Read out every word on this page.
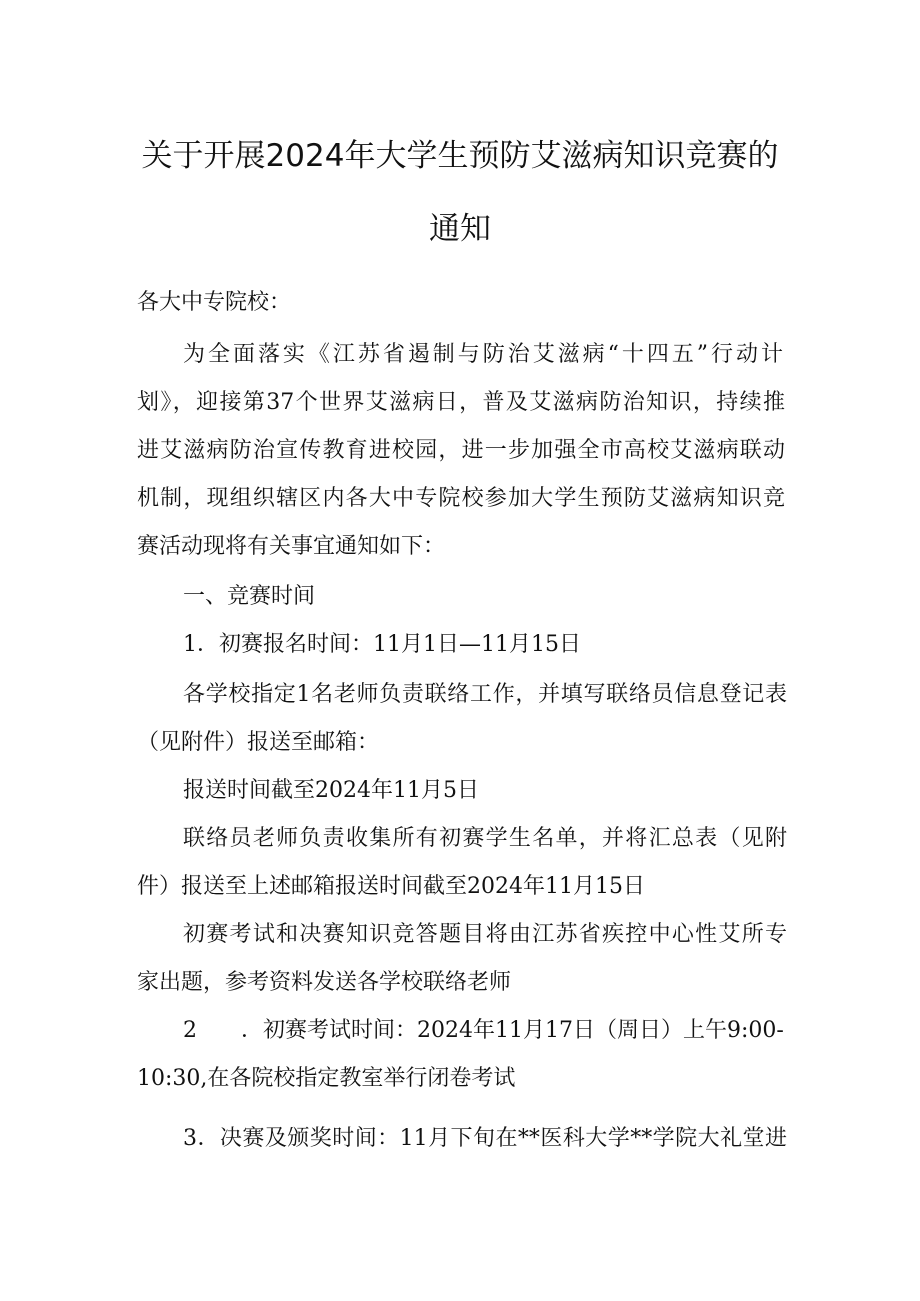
关于开展2024年大学生预防艾滋病知识竞赛的
通知
各大中专院校：
为全面落实《江苏省遏制与防治艾滋病“十四五”行动计
划》，迎接第37个世界艾滋病日，普及艾滋病防治知识，持续推
进艾滋病防治宣传教育进校园，进一步加强全市高校艾滋病联动
机制，现组织辖区内各大中专院校参加大学生预防艾滋病知识竞
赛活动现将有关事宜通知如下：
一、竞赛时间
1．初赛报名时间：11月1日—11月15日
各学校指定1名老师负责联络工作，并填写联络员信息登记表
（见附件）报送至邮箱：
报送时间截至2024年11月5日
联络员老师负责收集所有初赛学生名单，并将汇总表（见附
件）报送至上述邮箱报送时间截至2024年11月15日
初赛考试和决赛知识竞答题目将由江苏省疾控中心性艾所专
家出题，参考资料发送各学校联络老师
2　　．初赛考试时间：2024年11月17日（周日）上午9:00-
10:30,在各院校指定教室举行闭卷考试
3．决赛及颁奖时间：11月下旬在**医科大学**学院大礼堂进
